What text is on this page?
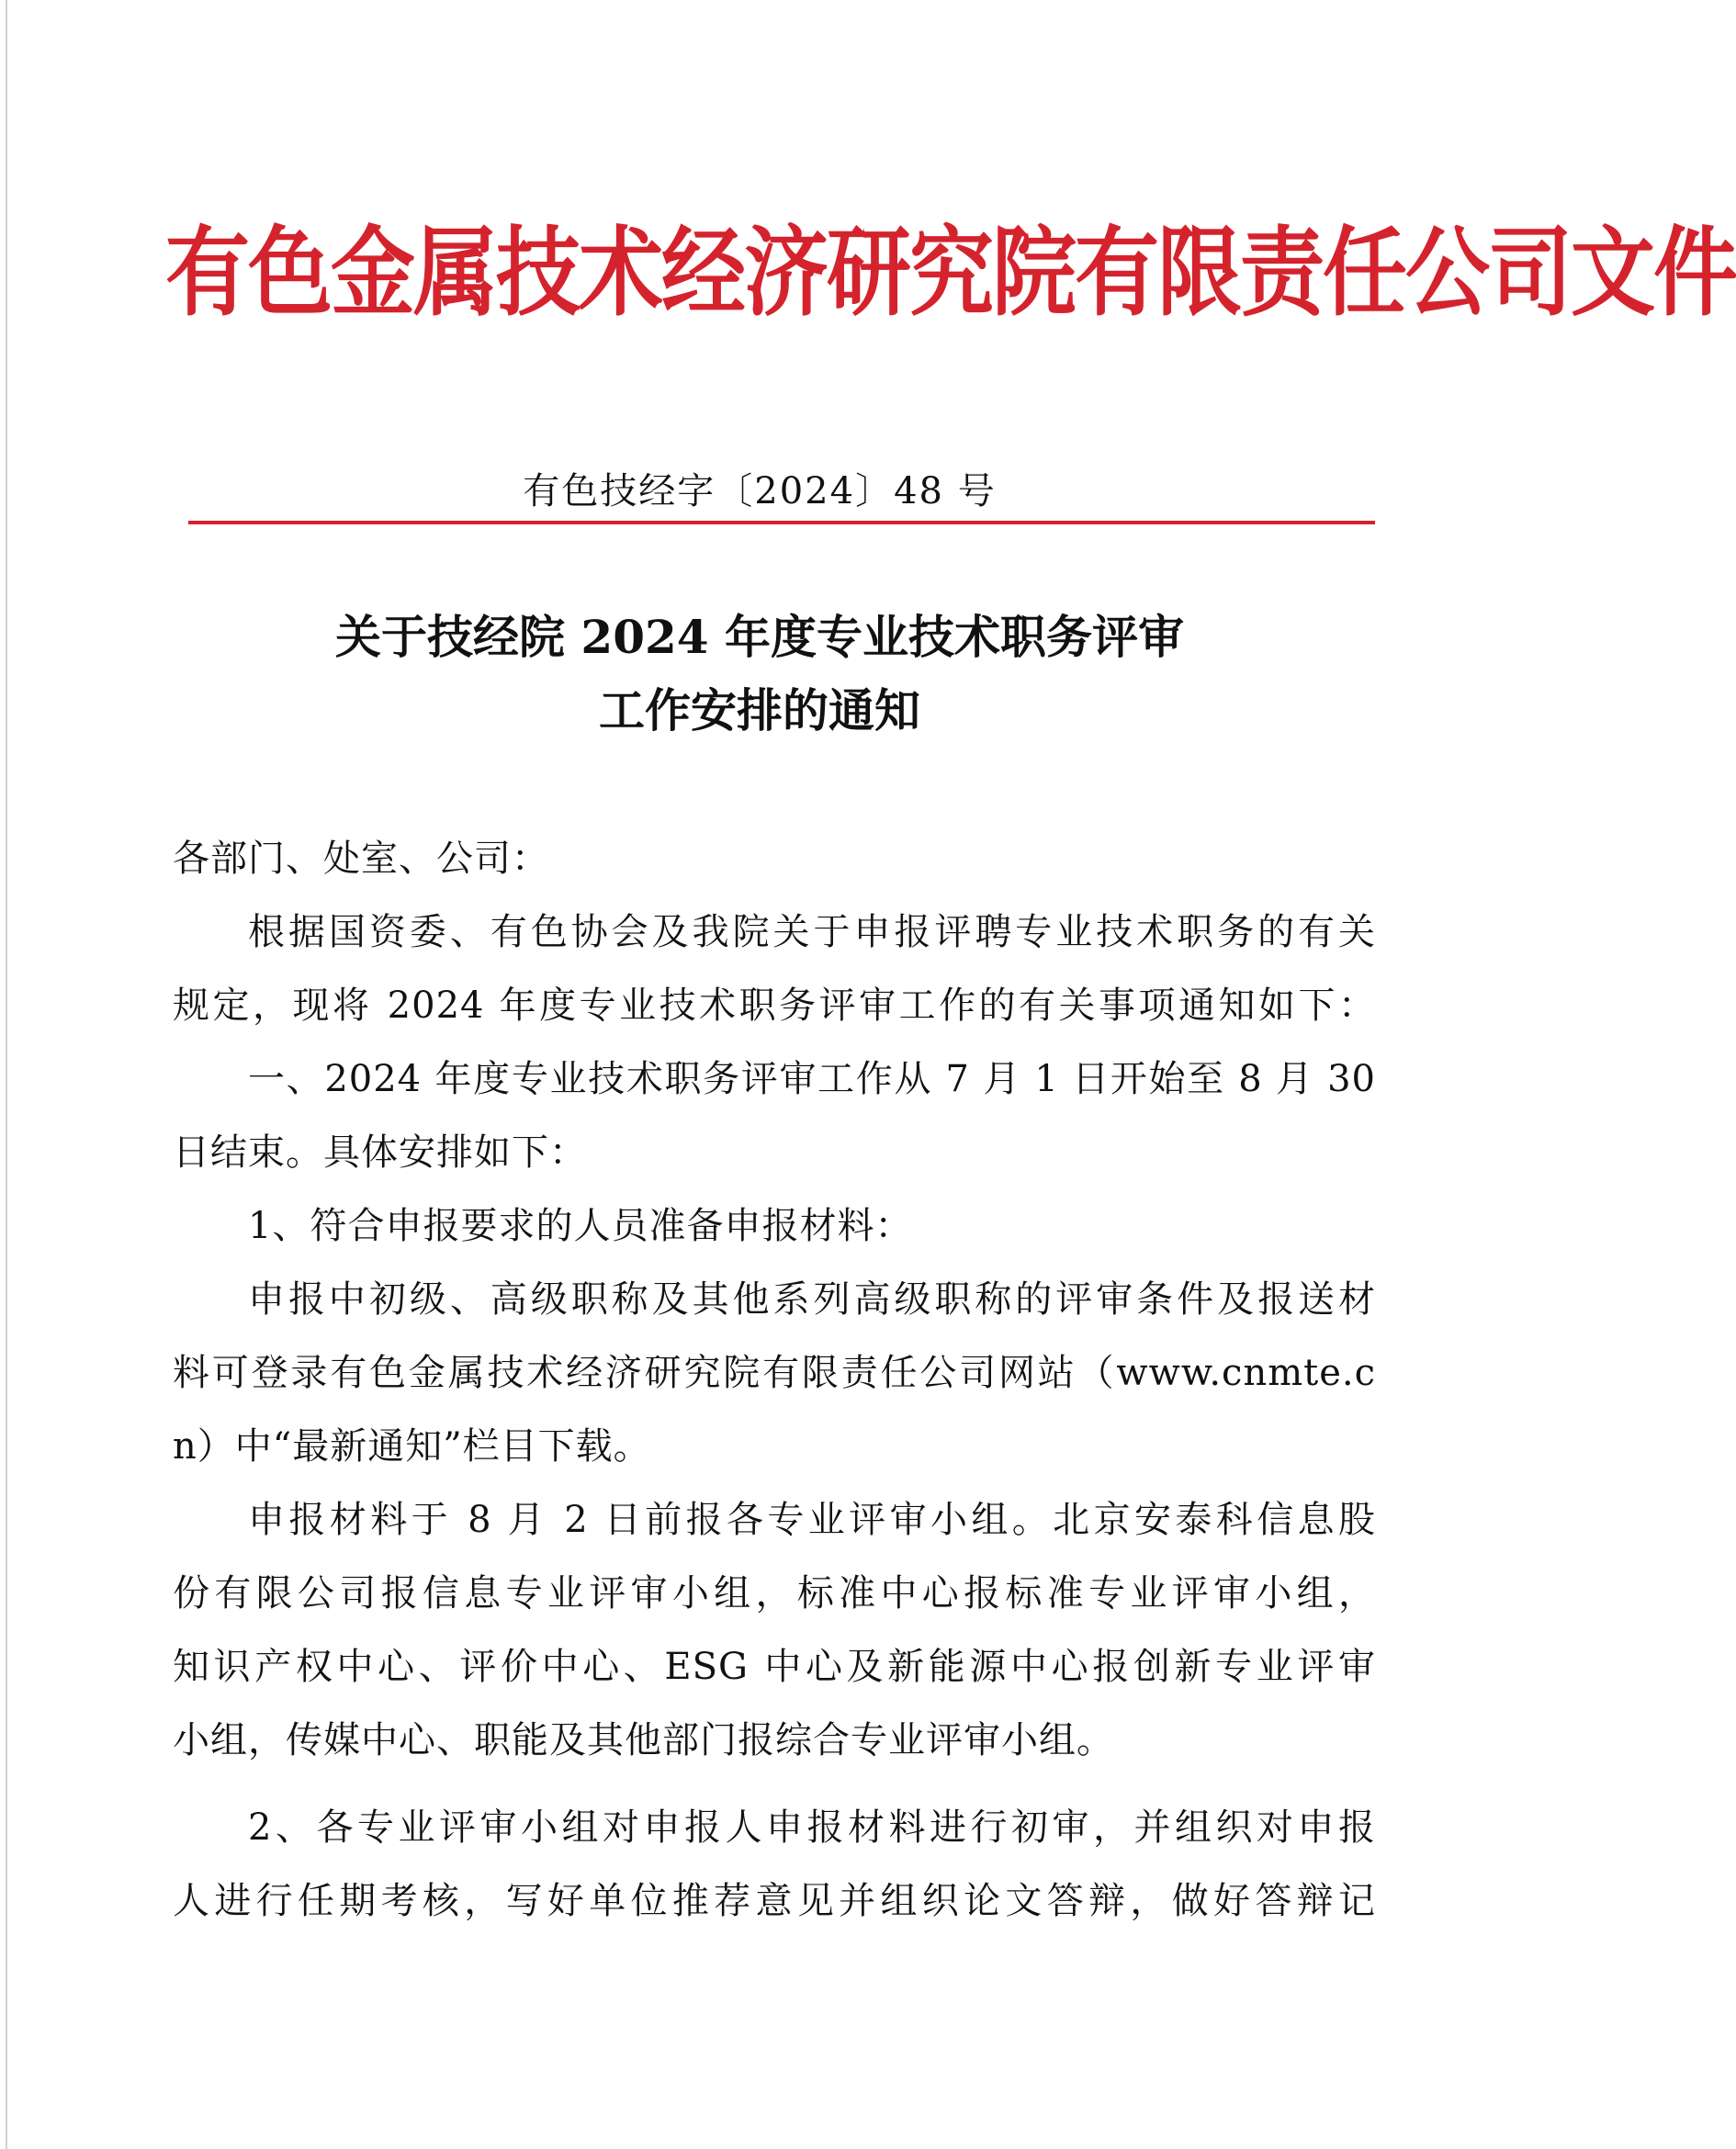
有色金属技术经济研究院有限责任公司文件
有色技经字〔2024〕48 号
关于技经院 2024 年度专业技术职务评审
工作安排的通知
各部门、处室、公司：
根据国资委、有色协会及我院关于申报评聘专业技术职务的有关
规定，现将 2024 年度专业技术职务评审工作的有关事项通知如下：
一、2024 年度专业技术职务评审工作从 7 月 1 日开始至 8 月 30
日结束。具体安排如下：
1、符合申报要求的人员准备申报材料：
申报中初级、高级职称及其他系列高级职称的评审条件及报送材
料可登录有色金属技术经济研究院有限责任公司网站（www.cnmte.c
n）中“最新通知”栏目下载。
申报材料于 8 月 2 日前报各专业评审小组。北京安泰科信息股
份有限公司报信息专业评审小组，标准中心报标准专业评审小组，
知识产权中心、评价中心、ESG 中心及新能源中心报创新专业评审
小组，传媒中心、职能及其他部门报综合专业评审小组。
2、各专业评审小组对申报人申报材料进行初审，并组织对申报
人进行任期考核，写好单位推荐意见并组织论文答辩，做好答辩记
